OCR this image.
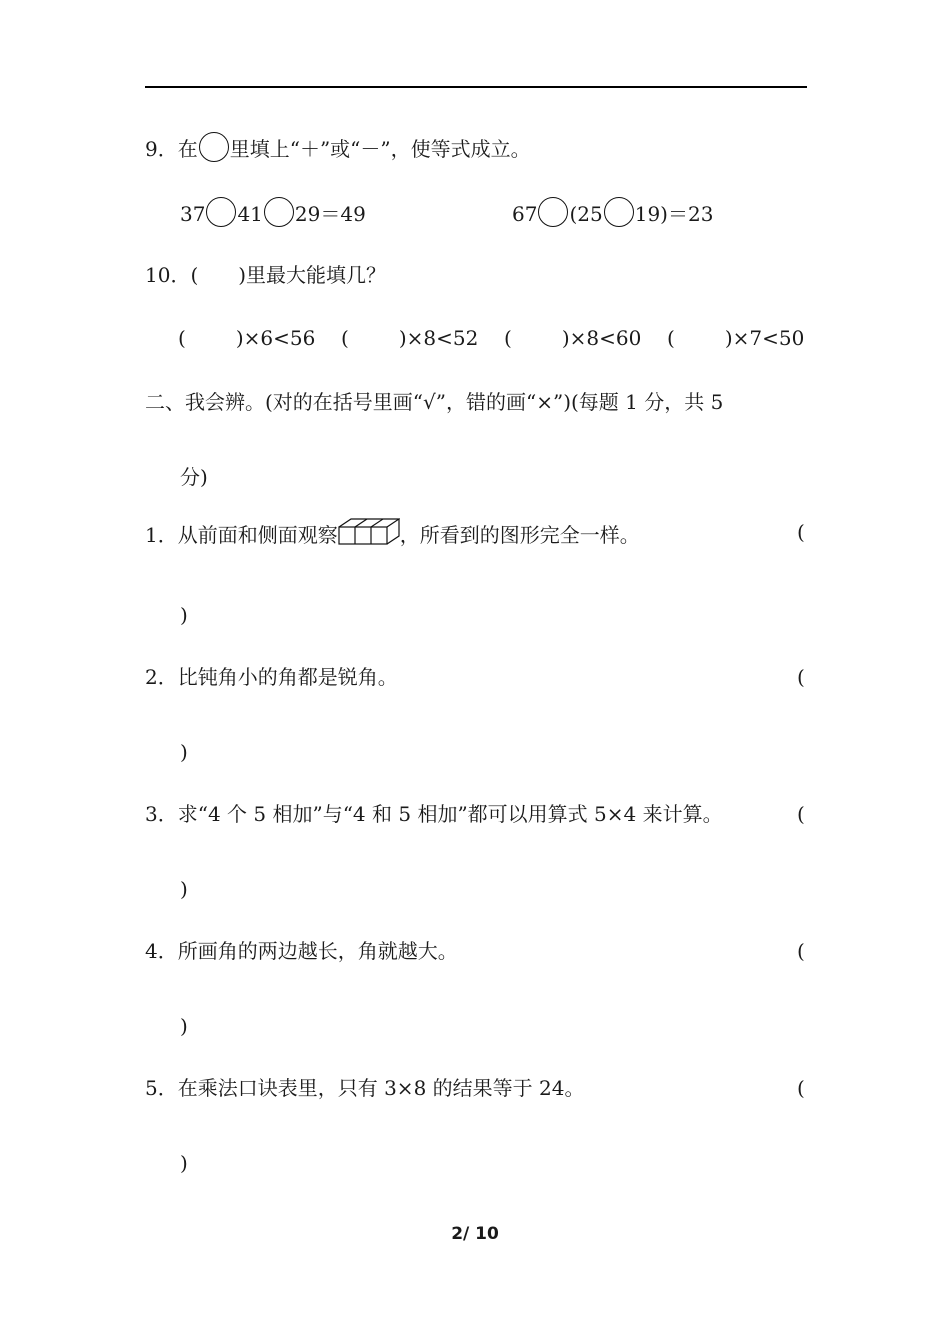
9．在 里填上“＋”或“－”，使等式成立。
37 41 29＝49	67 (25 19)＝23
10．(　　)里最大能填几？
(	)×6<56 (	)×8<52 (	)×8<60 (	)×7<50
二、我会辨。(对的在括号里画“√”，错的画“×”)(每题 1 分，共 5
分)
1．从前面和侧面观察	，所看到的图形完全一样。	(
)
2．比钝角小的角都是锐角。	(
)
3．求“4 个 5 相加”与“4 和 5 相加”都可以用算式 5×4 来计算。	(
)
4．所画角的两边越长，角就越大。	(
)
5．在乘法口诀表里，只有 3×8 的结果等于 24。	(
)
2/ 10
